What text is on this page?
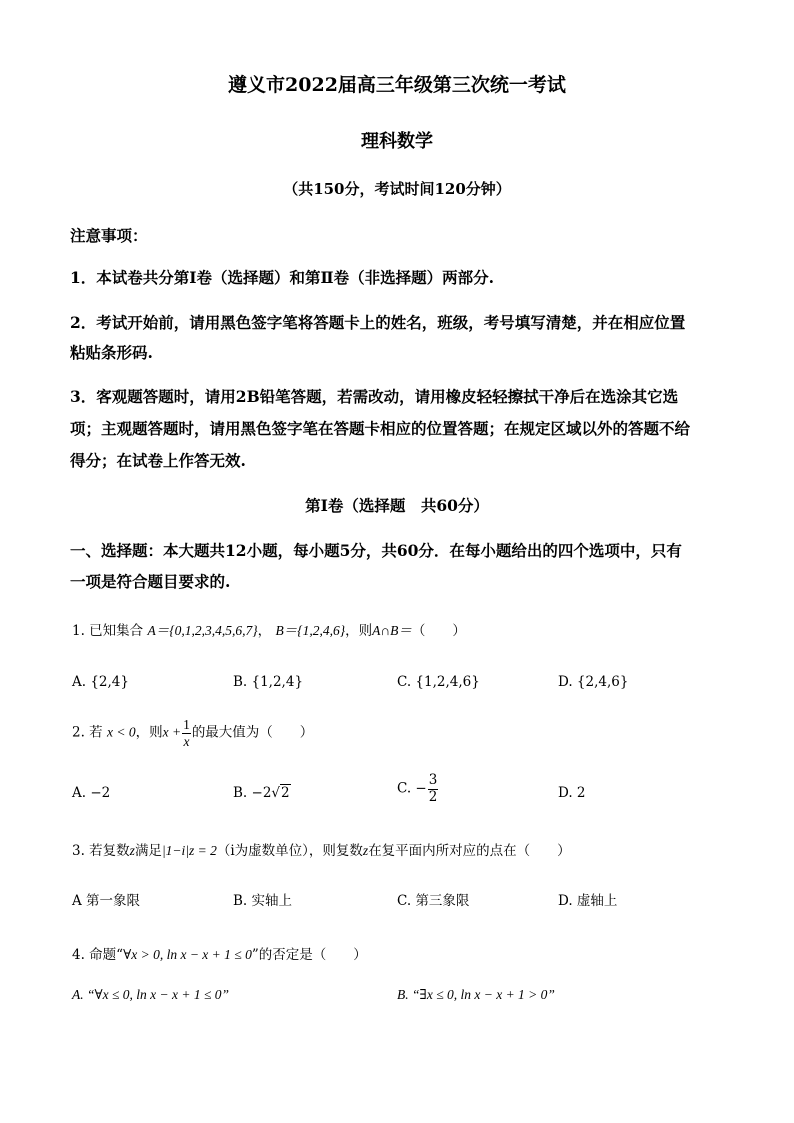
遵义市2022届高三年级第三次统一考试
理科数学
（共150分，考试时间120分钟）
注意事项：
1．本试卷共分第Ⅰ卷（选择题）和第Ⅱ卷（非选择题）两部分.
2．考试开始前，请用黑色签字笔将答题卡上的姓名，班级，考号填写清楚，并在相应位置
粘贴条形码.
3．客观题答题时，请用2B铅笔答题，若需改动，请用橡皮轻轻擦拭干净后在选涂其它选
项；主观题答题时，请用黑色签字笔在答题卡相应的位置答题；在规定区域以外的答题不给
得分；在试卷上作答无效.
第Ⅰ卷（选择题　共60分）
一、选择题：本大题共12小题，每小题5分，共60分．在每小题给出的四个选项中，只有
一项是符合题目要求的.
1. 已知集合 A＝{0,1,2,3,4,5,6,7}， B＝{1,2,4,6}，则A∩B＝（　　）
A. {2,4}	B. {1,2,4}	C. {1,2,4,6}	D. {2,4,6}
2. 若 x < 0，则$x + \frac{1}{x}$ 的最大值为（　　）
A. −2	B. −2√2	C. − $\frac{3}{2}$	D. 2
3. 若复数z满足|1−i|z = 2（i为虚数单位），则复数z在复平面内所对应的点在（　　）
A 第一象限	B. 实轴上	C. 第三象限	D. 虚轴上
4. 命题“∀x > 0, ln x − x + 1 ≤ 0”的否定是（　　）
A. “∀x ≤ 0, ln x − x + 1 ≤ 0”	B. “∃x ≤ 0, ln x − x + 1 > 0”
